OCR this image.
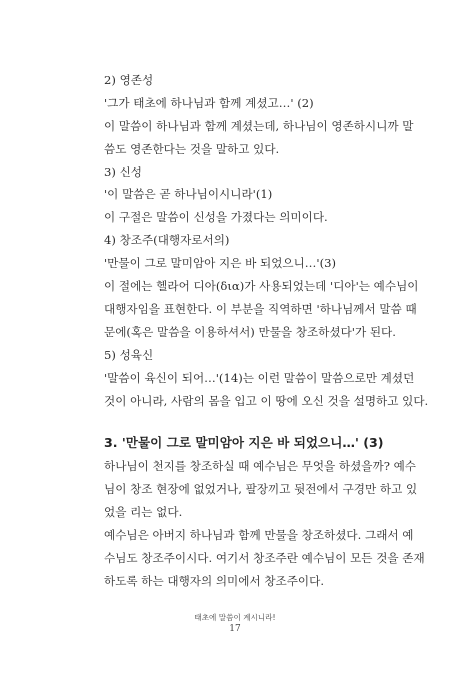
2) 영존성
'그가 태초에 하나님과 함께 계셨고…' (2)
이 말씀이 하나님과 함께 계셨는데, 하나님이 영존하시니까 말
씀도 영존한다는 것을 말하고 있다.
3) 신성
'이 말씀은 곧 하나님이시니라'(1)
이 구절은 말씀이 신성을 가졌다는 의미이다.
4) 창조주(대행자로서의)
'만물이 그로 말미암아 지은 바 되었으니…'(3)
이 절에는 헬라어 디아(δια)가 사용되었는데 '디아'는 예수님이
대행자임을 표현한다. 이 부분을 직역하면 '하나님께서 말씀 때
문에(혹은 말씀을 이용하셔서) 만물을 창조하셨다'가 된다.
5) 성육신
'말씀이 육신이 되어…'(14)는 이런 말씀이 말씀으로만 계셨던
것이 아니라, 사람의 몸을 입고 이 땅에 오신 것을 설명하고 있다.
3. '만물이 그로 말미암아 지은 바 되었으니…' (3)
하나님이 천지를 창조하실 때 예수님은 무엇을 하셨을까? 예수
님이 창조 현장에 없었거나, 팔장끼고 뒷전에서 구경만 하고 있
었을 리는 없다.
예수님은 아버지 하나님과 함께 만물을 창조하셨다. 그래서 예
수님도 창조주이시다. 여기서 창조주란 예수님이 모든 것을 존재
하도록 하는 대행자의 의미에서 창조주이다.
태초에 말씀이 계시니라!
17
